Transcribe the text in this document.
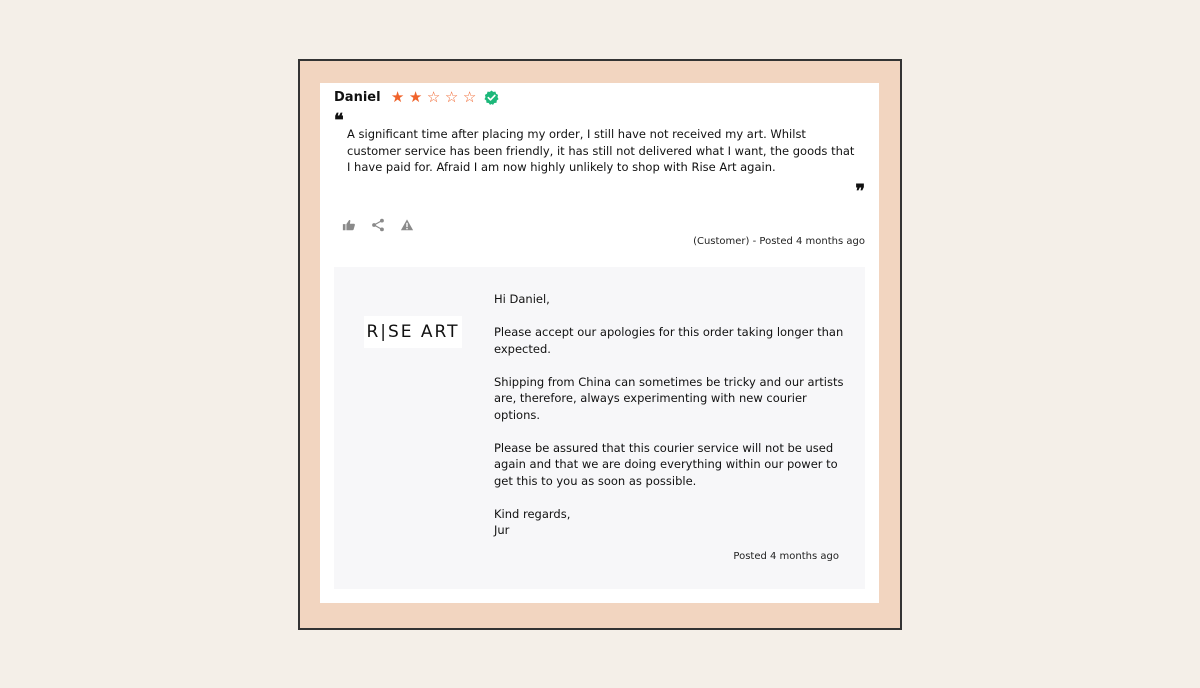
Daniel ★ ★ ☆ ☆ ☆
❝

A significant time after placing my order, I still have not received my art. Whilst customer service has been friendly, it has still not delivered what I want, the goods that I have paid for. Afraid I am now highly unlikely to shop with Rise Art again.

❞
(Customer) - Posted 4 months ago
R|SE ART

Hi Daniel,

Please accept our apologies for this order taking longer than expected.

Shipping from China can sometimes be tricky and our artists are, therefore, always experimenting with new courier options.

Please be assured that this courier service will not be used again and that we are doing everything within our power to get this to you as soon as possible.

Kind regards,
Jur

Posted 4 months ago
